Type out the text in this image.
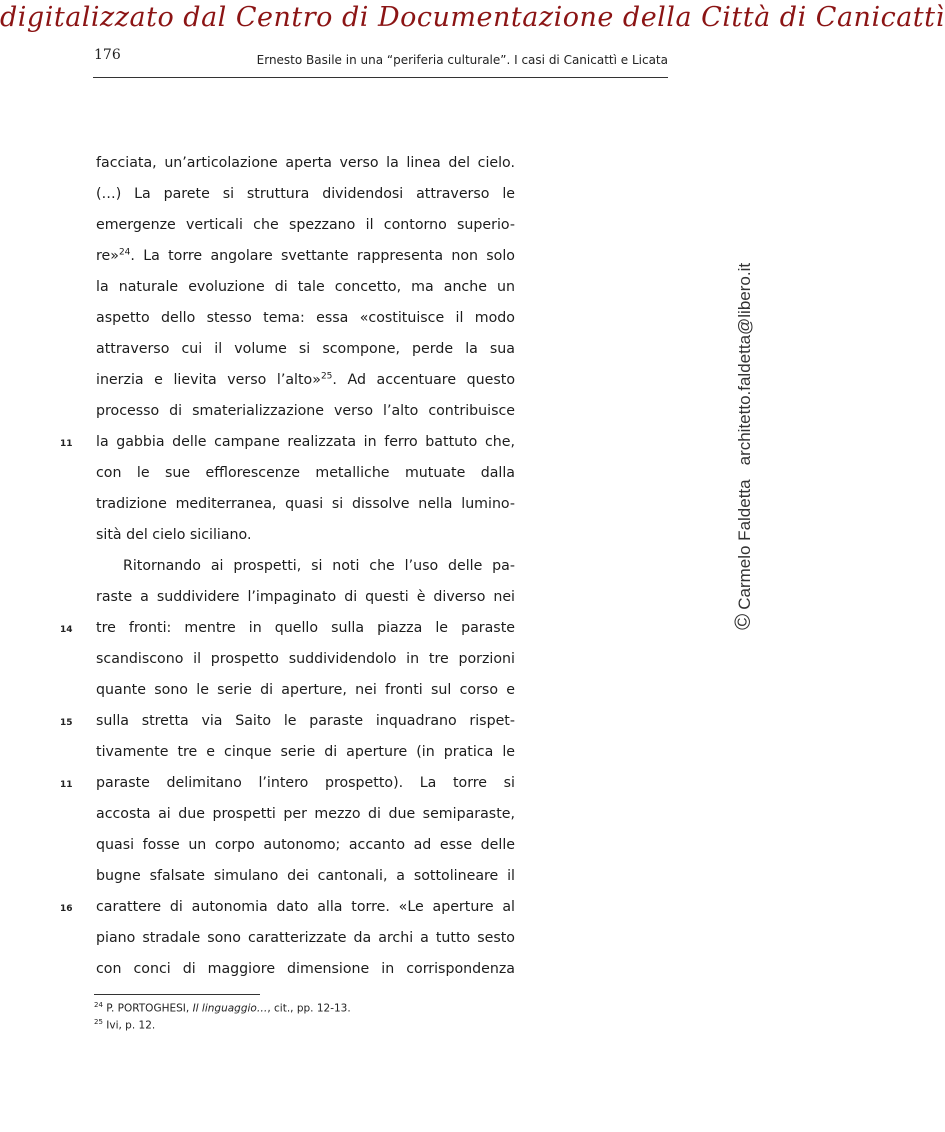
digitalizzato dal Centro di Documentazione della Città di Canicattì
176	Ernesto Basile in una “periferia culturale”. I casi di Canicattì e Licata
facciata, un’articolazione aperta verso la linea del cielo.
(…) La parete si struttura dividendosi attraverso le
emergenze verticali che spezzano il contorno superio-
re»$^{24}$. La torre angolare svettante rappresenta non solo
la naturale evoluzione di tale concetto, ma anche un
aspetto dello stesso tema: essa «costituisce il modo
attraverso cui il volume si scompone, perde la sua
inerzia e lievita verso l’alto»$^{25}$. Ad accentuare questo
processo di smaterializzazione verso l’alto contribuisce
la gabbia delle campane realizzata in ferro battuto che,
con le sue efflorescenze metalliche mutuate dalla
tradizione mediterranea, quasi si dissolve nella lumino-
sità del cielo siciliano.
Ritornando ai prospetti, si noti che l’uso delle pa-
raste a suddividere l’impaginato di questi è diverso nei
tre fronti: mentre in quello sulla piazza le paraste
scandiscono il prospetto suddividendolo in tre porzioni
quante sono le serie di aperture, nei fronti sul corso e
sulla stretta via Saito le paraste inquadrano rispet-
tivamente tre e cinque serie di aperture (in pratica le
paraste delimitano l’intero prospetto). La torre si
accosta ai due prospetti per mezzo di due semiparaste,
quasi fosse un corpo autonomo; accanto ad esse delle
bugne sfalsate simulano dei cantonali, a sottolineare il
carattere di autonomia dato alla torre. «Le aperture al
piano stradale sono caratterizzate da archi a tutto sesto
con conci di maggiore dimensione in corrispondenza
11
14
15
11
16
$^{24}$ P. PORTOGHESI, Il linguaggio…, cit., pp. 12-13.
$^{25}$ Ivi, p. 12.
©Carmelo Faldettaarchitetto.faldetta@libero.it
